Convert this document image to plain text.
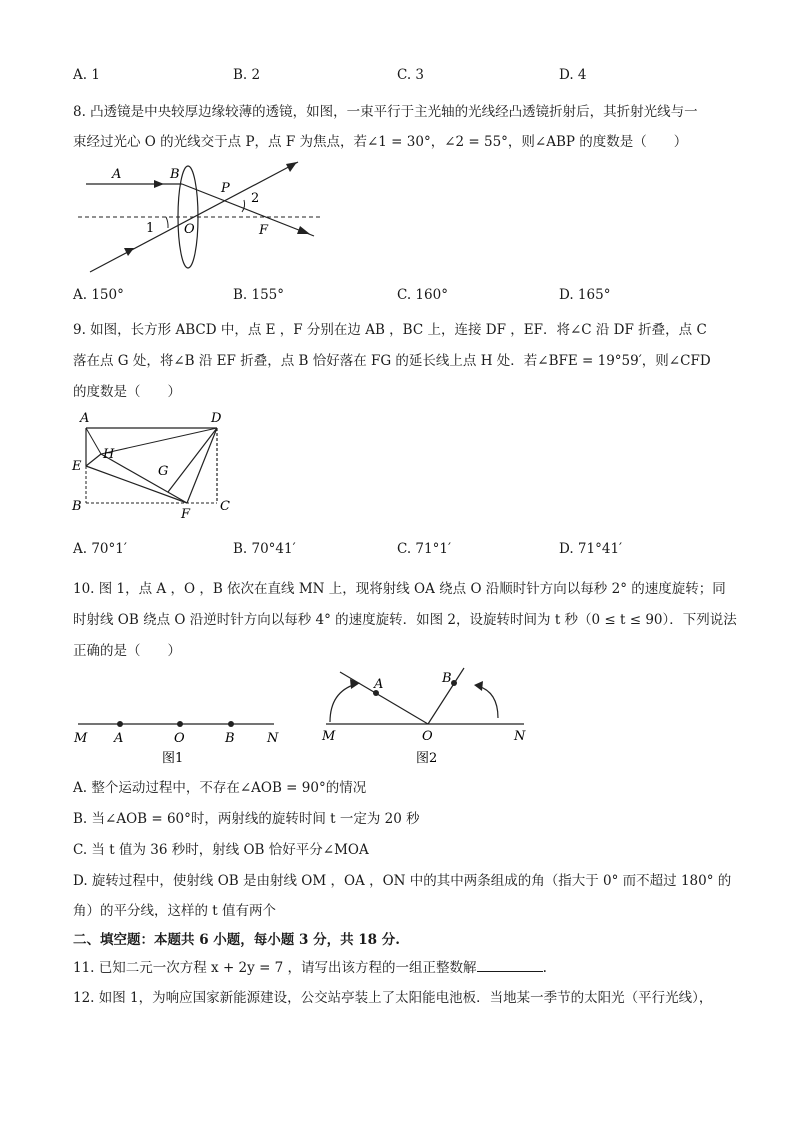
A. 1	B. 2	C. 3	D. 4
8. 凸透镜是中央较厚边缘较薄的透镜，如图，一束平行于主光轴的光线经凸透镜折射后，其折射光线与一
束经过光心 O 的光线交于点 P，点 F 为焦点，若∠1 = 30°，∠2 = 55°，则∠ABP 的度数是（　　）
A	B
P
2
1 O	F
A. 150°	B. 155°	C. 160°	D. 165°
9. 如图，长方形 ABCD 中，点 E ，F 分别在边 AB ，BC 上，连接 DF ，EF．将∠C 沿 DF 折叠，点 C
落在点 G 处，将∠B 沿 EF 折叠，点 B 恰好落在 FG 的延长线上点 H 处．若∠BFE = 19°59′，则∠CFD
的度数是（　　）
A	D
H
E	G
B
F
C
A. 70°1′	B. 70°41′	C. 71°1′	D. 71°41′
10. 图 1，点 A ，O ，B 依次在直线 MN 上，现将射线 OA 绕点 O 沿顺时针方向以每秒 2° 的速度旋转；同
时射线 OB 绕点 O 沿逆时针方向以每秒 4° 的速度旋转．如图 2，设旋转时间为 t 秒（0 ≤ t ≤ 90）．下列说法
正确的是（　　）
M A	O	B N
图1
A	B
M	O	N
图2
A. 整个运动过程中，不存在∠AOB = 90°的情况
B. 当∠AOB = 60°时，两射线的旋转时间 t 一定为 20 秒
C. 当 t 值为 36 秒时，射线 OB 恰好平分∠MOA
D. 旋转过程中，使射线 OB 是由射线 OM ，OA ，ON 中的其中两条组成的角（指大于 0° 而不超过 180° 的
角）的平分线，这样的 t 值有两个
二、填空题：本题共 6 小题，每小题 3 分，共 18 分.
11. 已知二元一次方程 x + 2y = 7 ，请写出该方程的一组正整数解	.
12. 如图 1，为响应国家新能源建设，公交站亭装上了太阳能电池板．当地某一季节的太阳光（平行光线），
